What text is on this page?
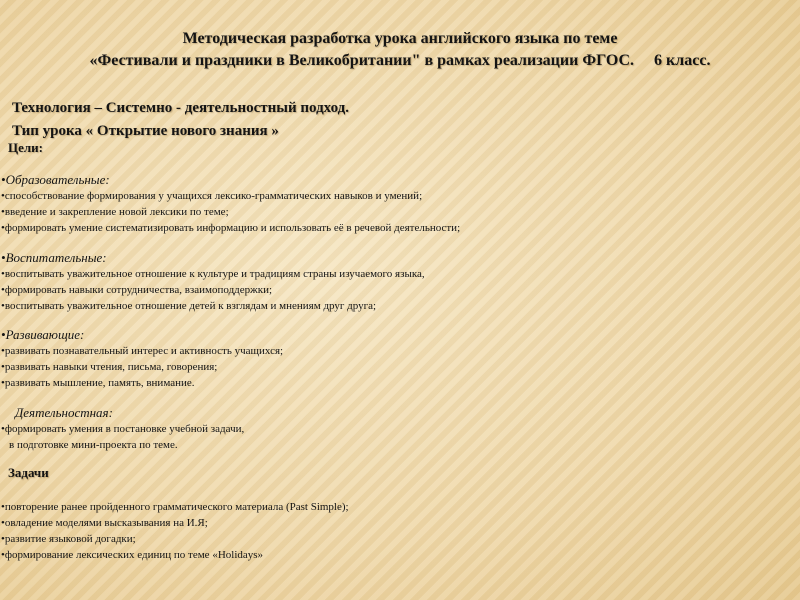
Методическая разработка урока английского языка по теме
«Фестивали и праздники в Великобритании" в рамках реализации ФГОС.     6 класс.
Технология – Системно - деятельностный подход.
Тип урока « Открытие нового знания »
Цели:
• Образовательные:
• способствование формирования у учащихся лексико-грамматических навыков и умений;
• введение и закрепление новой лексики по теме;
• формировать умение систематизировать информацию и использовать её в речевой деятельности;
• Воспитательные:
• воспитывать уважительное отношение к культуре и традициям страны изучаемого языка,
• формировать навыки сотрудничества, взаимоподдержки;
• воспитывать уважительное отношение детей к взглядам и мнениям друг друга;
• Развивающие:
• развивать познавательный интерес и активность учащихся;
• развивать навыки чтения, письма, говорения;
• развивать мышление, память, внимание.
Деятельностная:
• формировать умения в постановке учебной задачи,
в подготовке мини-проекта по теме.
Задачи
• повторение ранее пройденного грамматического материала (Past Simple);
• овладение моделями высказывания на И.Я;
• развитие языковой догадки;
• формирование лексических единиц по теме «Holidays»
